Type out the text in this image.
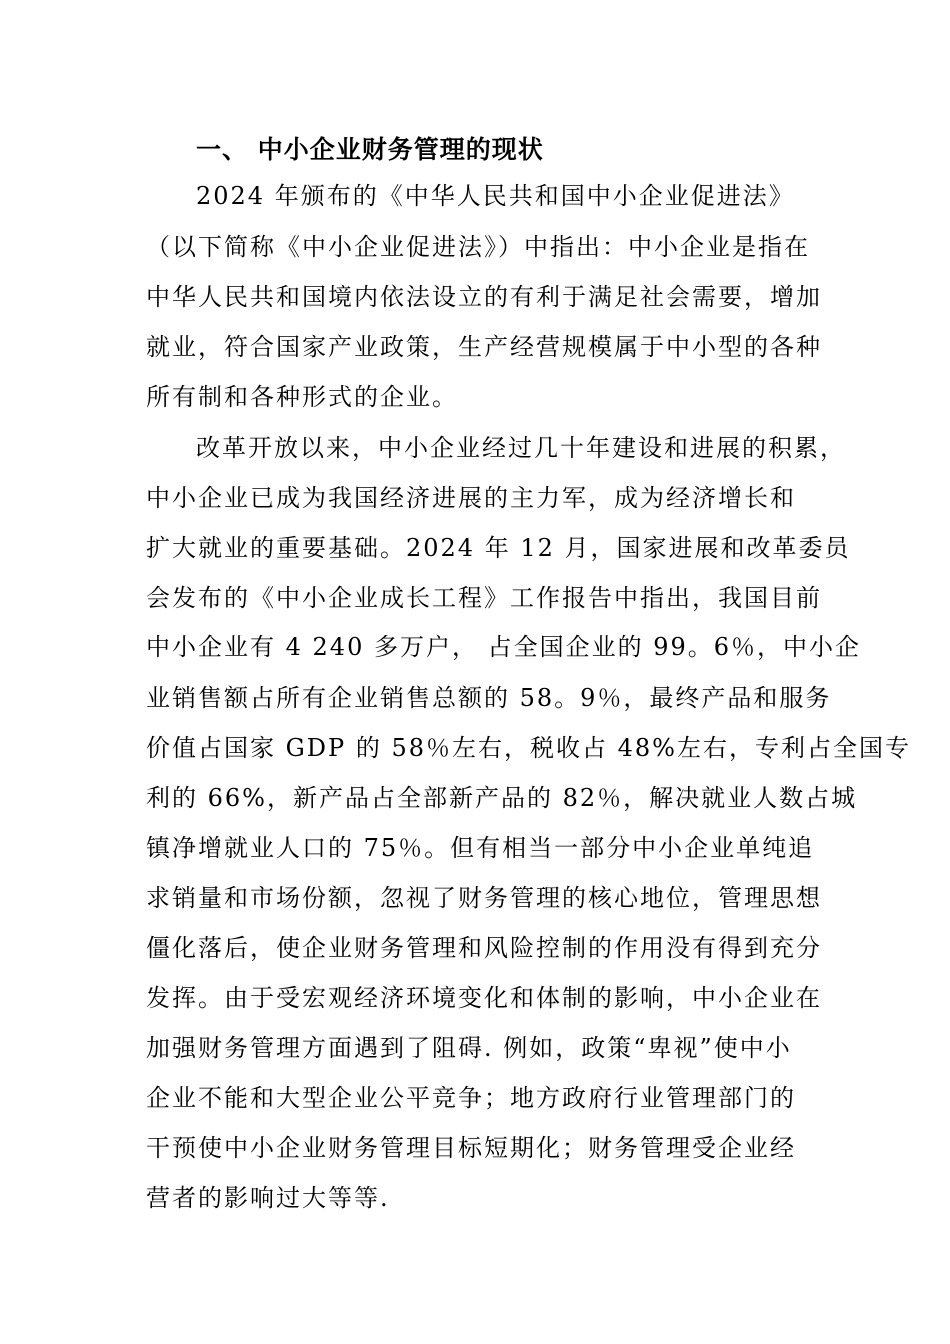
一、 中小企业财务管理的现状
2024 年颁布的《中华人民共和国中小企业促进法》
（以下简称《中小企业促进法》）中指出：中小企业是指在
中华人民共和国境内依法设立的有利于满足社会需要，增加
就业，符合国家产业政策，生产经营规模属于中小型的各种
所有制和各种形式的企业。
改革开放以来，中小企业经过几十年建设和进展的积累，
中小企业已成为我国经济进展的主力军，成为经济增长和
扩大就业的重要基础。2024 年 12 月，国家进展和改革委员
会发布的《中小企业成长工程》工作报告中指出，我国目前
中小企业有 4 240 多万户， 占全国企业的 99。6％，中小企
业销售额占所有企业销售总额的 58。9％，最终产品和服务
价值占国家 GDP 的 58％左右，税收占 48%左右，专利占全国专
利的 66%，新产品占全部新产品的 82％，解决就业人数占城
镇净增就业人口的 75％。但有相当一部分中小企业单纯追
求销量和市场份额，忽视了财务管理的核心地位，管理思想
僵化落后，使企业财务管理和风险控制的作用没有得到充分
发挥。由于受宏观经济环境变化和体制的影响，中小企业在
加强财务管理方面遇到了阻碍. 例如，政策“卑视”使中小
企业不能和大型企业公平竞争；地方政府行业管理部门的
干预使中小企业财务管理目标短期化；财务管理受企业经
营者的影响过大等等.
